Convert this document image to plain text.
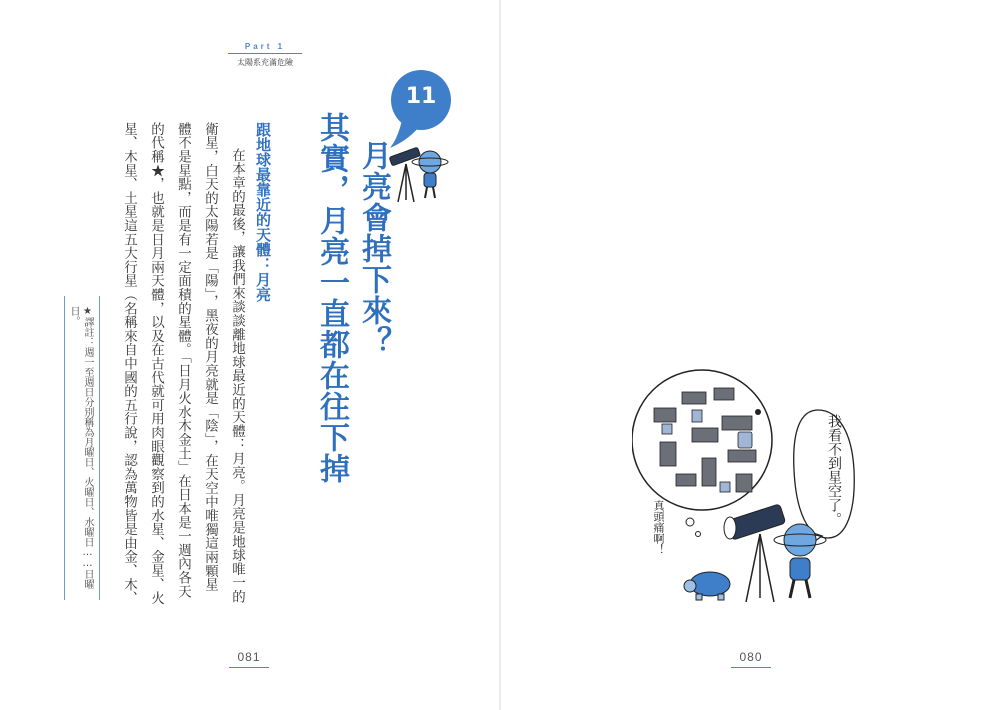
Part 1
太陽系充滿危險
11
月亮會掉下來？
其實，月亮一直都在往下掉
跟地球最靠近的天體：月亮
在本章的最後，讓我們來談談離地球最近的天體：月亮。月亮是地球唯一的
衛星，白天的太陽若是「陽」，黑夜的月亮就是「陰」，在天空中唯獨這兩顆星
體不是星點，而是有一定面積的星體。「日月火水木金土」在日本是一週內各天
的代稱★，也就是日月兩天體，以及在古代就可用肉眼觀察到的水星、金星、火
星、木星、土星這五大行星（名稱來自中國的五行說，認為萬物皆是由金、木、
★譯註：週一至週日分別稱為月曜日、火曜日、水曜日……日曜
日。
081	080
我看不到星空了。
真頭痛啊！
